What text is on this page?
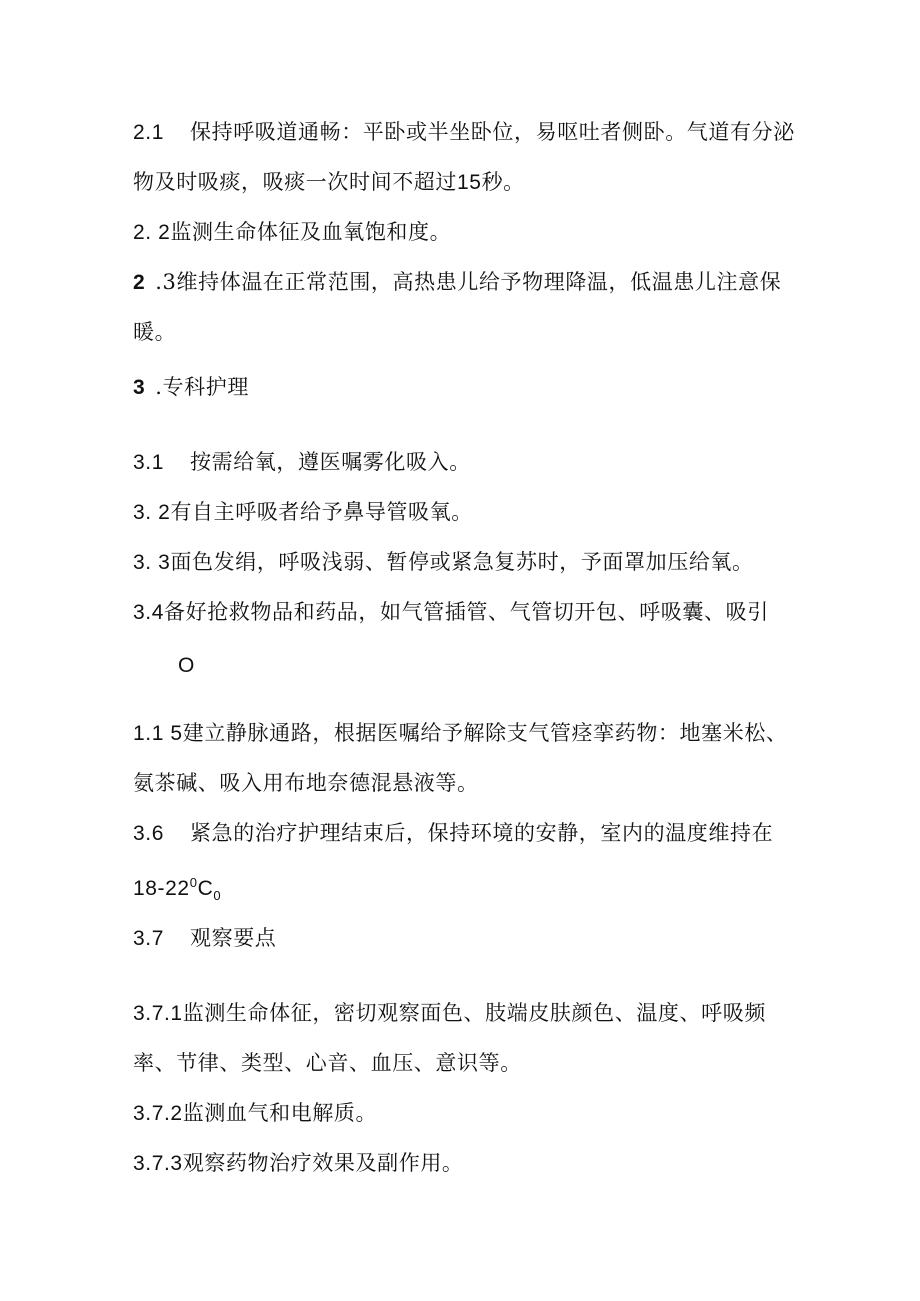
2.1 保持呼吸道通畅：平卧或半坐卧位，易呕吐者侧卧。气道有分泌
物及时吸痰，吸痰一次时间不超过15秒。
2. 2监测生命体征及血氧饱和度。
2 .3维持体温在正常范围，高热患儿给予物理降温，低温患儿注意保
暖。
3 .专科护理
3.1 按需给氧，遵医嘱雾化吸入。
3. 2有自主呼吸者给予鼻导管吸氧。
3. 3面色发绢，呼吸浅弱、暂停或紧急复苏时，予面罩加压给氧。
3.4备好抢救物品和药品，如气管插管、气管切开包、呼吸囊、吸引
O
1.1 5建立静脉通路，根据医嘱给予解除支气管痉挛药物：地塞米松、
氨茶碱、吸入用布地奈德混悬液等。
3.6 紧急的治疗护理结束后，保持环境的安静，室内的温度维持在
$18-22^0C_0$
3.7 观察要点
3.7.1监测生命体征，密切观察面色、肢端皮肤颜色、温度、呼吸频
率、节律、类型、心音、血压、意识等。
3.7.2监测血气和电解质。
3.7.3观察药物治疗效果及副作用。
